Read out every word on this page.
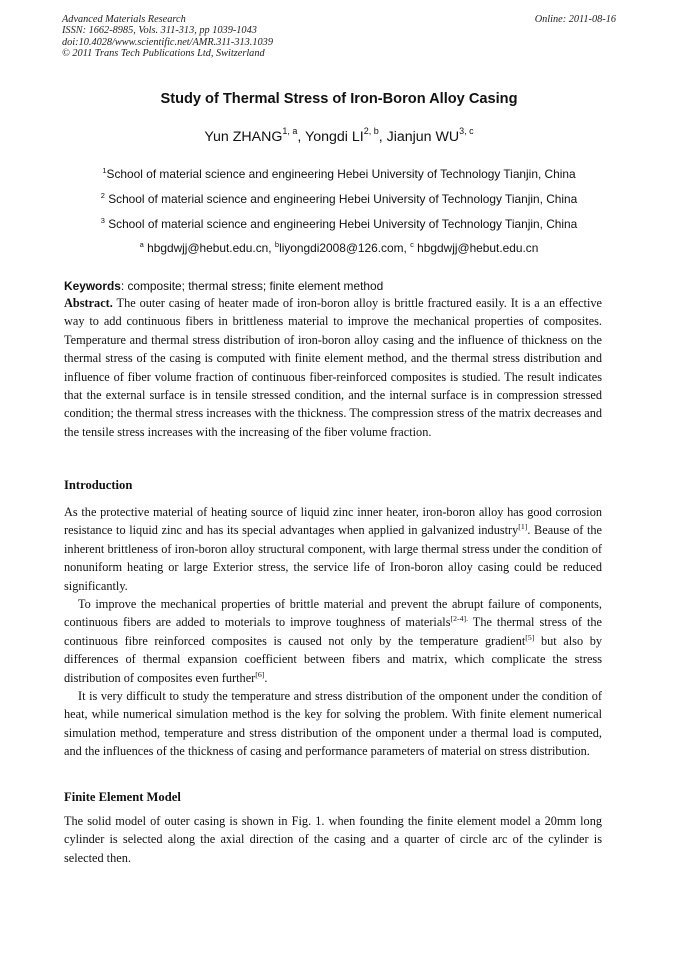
Advanced Materials Research
ISSN: 1662-8985, Vols. 311-313, pp 1039-1043
doi:10.4028/www.scientific.net/AMR.311-313.1039
© 2011 Trans Tech Publications Ltd, Switzerland
Online: 2011-08-16
Study of Thermal Stress of Iron-Boron Alloy Casing
Yun ZHANG$^{1, a}$, Yongdi LI$^{2, b}$, Jianjun WU$^{3, c}$
$^1$School of material science and engineering Hebei University of Technology Tianjin, China
$^2$ School of material science and engineering Hebei University of Technology Tianjin, China
$^3$ School of material science and engineering Hebei University of Technology Tianjin, China
$^a$ hbgdwjj@hebut.edu.cn, $^b$liyongdi2008@126.com, $^c$ hbgdwjj@hebut.edu.cn
Keywords: composite; thermal stress; finite element method

Abstract. The outer casing of heater made of iron-boron alloy is brittle fractured easily. It is a an effective way to add continuous fibers in brittleness material to improve the mechanical properties of composites. Temperature and thermal stress distribution of iron-boron alloy casing and the influence of thickness on the thermal stress of the casing is computed with finite element method, and the thermal stress distribution and influence of fiber volume fraction of continuous fiber-reinforced composites is studied. The result indicates that the external surface is in tensile stressed condition, and the internal surface is in compression stressed condition; the thermal stress increases with the thickness. The compression stress of the matrix decreases and the tensile stress increases with the increasing of the fiber volume fraction.

Introduction

As the protective material of heating source of liquid zinc inner heater, iron-boron alloy has good corrosion resistance to liquid zinc and has its special advantages when applied in galvanized industry[1]. Beause of the inherent brittleness of iron-boron alloy structural component, with large thermal stress under the condition of nonuniform heating or large Exterior stress, the service life of Iron-boron alloy casing could be reduced significantly.

To improve the mechanical properties of brittle material and prevent the abrupt failure of components, continuous fibers are added to moterials to improve toughness of materials$^{[2-4].}$ The thermal stress of the continuous fibre reinforced composites is caused not only by the temperature gradient[5] but also by differences of thermal expansion coefficient between fibers and matrix, which complicate the stress distribution of composites even further[6].

It is very difficult to study the temperature and stress distribution of the omponent under the condition of heat, while numerical simulation method is the key for solving the problem. With finite element numerical simulation method, temperature and stress distribution of the omponent under a thermal load is computed, and the influences of the thickness of casing and performance parameters of material on stress distribution.

Finite Element Model

The solid model of outer casing is shown in Fig. 1. when founding the finite element model a 20mm long cylinder is selected along the axial direction of the casing and a quarter of circle arc of the cylinder is selected then.
